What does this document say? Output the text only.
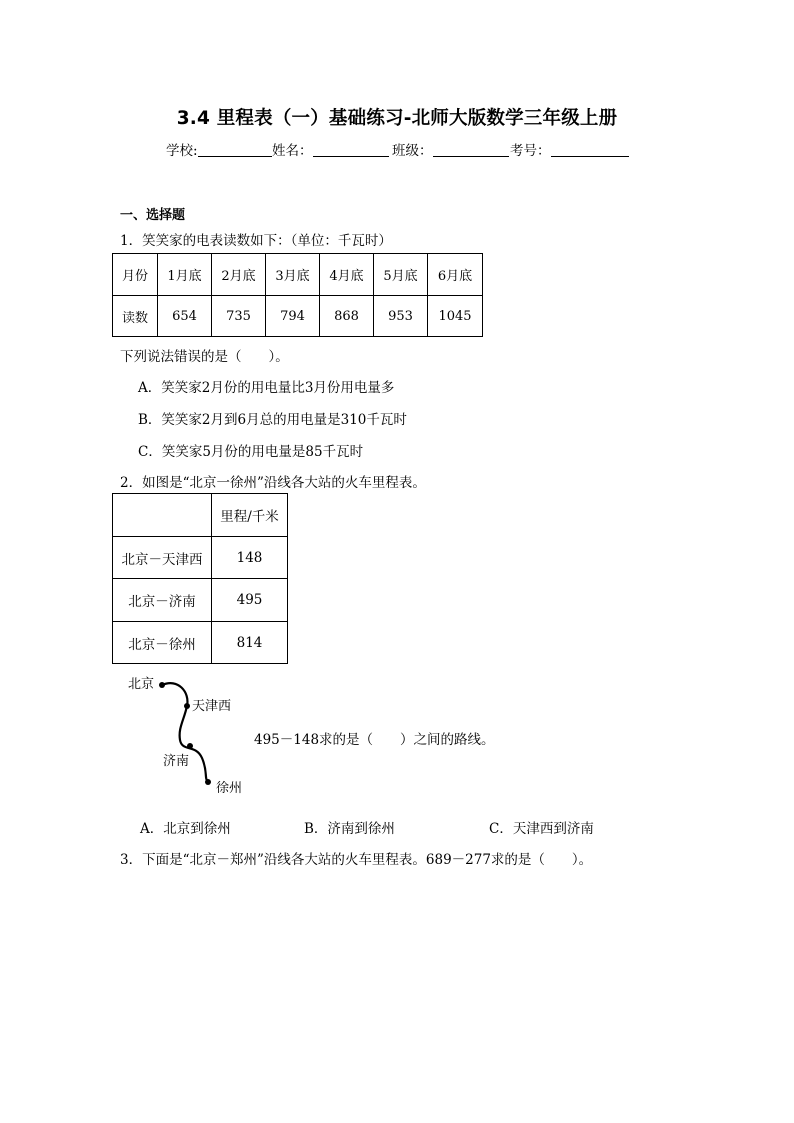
3.4 里程表（一）基础练习-北师大版数学三年级上册
学校:	姓名：	班级：	考号：
一、选择题
1．笑笑家的电表读数如下：（单位：千瓦时）
月份	1月底	2月底	3月底	4月底	5月底	6月底
读数	654	735	794	868	953	1045
下列说法错误的是（　　）。
A．笑笑家2月份的用电量比3月份用电量多
B．笑笑家2月到6月总的用电量是310千瓦时
C．笑笑家5月份的用电量是85千瓦时
2．如图是“北京一徐州”沿线各大站的火车里程表。
	里程/千米
北京－天津西	148
北京－济南	495
北京－徐州	814
北京
天津西
济南
徐州
495－148求的是（　　）之间的路线。
A．北京到徐州	B．济南到徐州	C．天津西到济南
3．下面是“北京－郑州”沿线各大站的火车里程表。689－277求的是（　　）。
